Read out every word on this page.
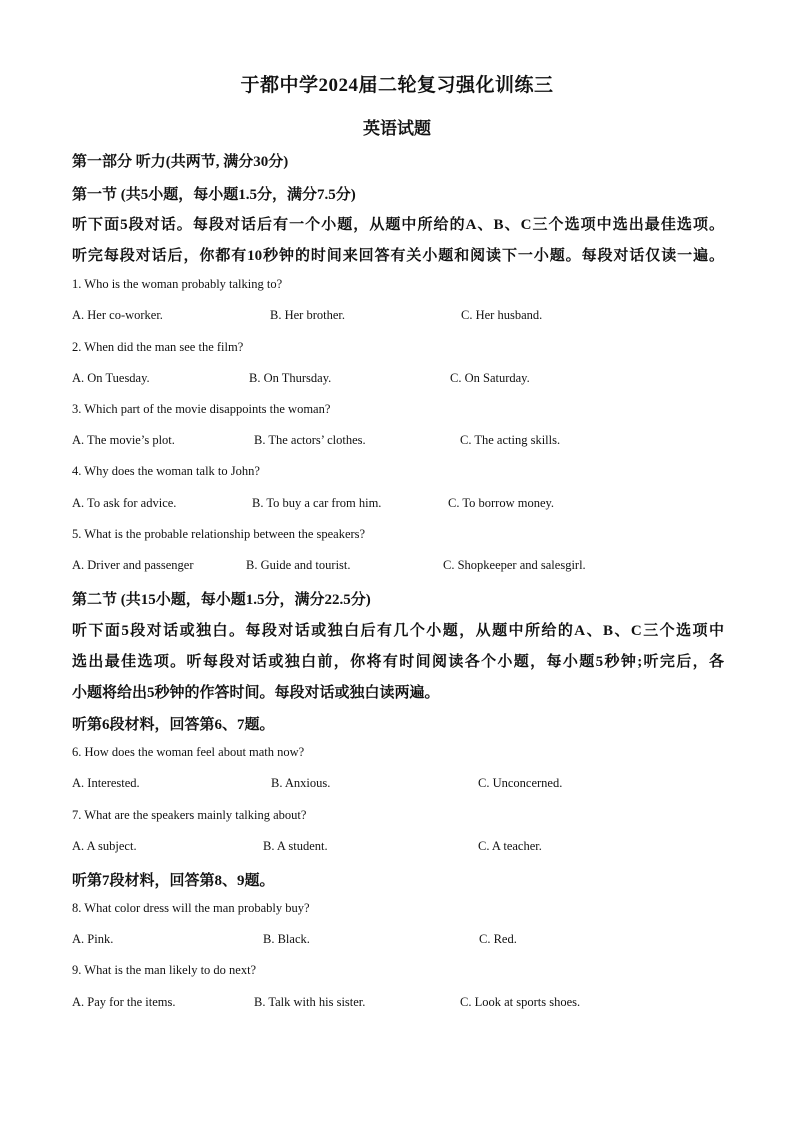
于都中学2024届二轮复习强化训练三
英语试题
第一部分 听力(共两节, 满分30分)
第一节 (共5小题，每小题1.5分，满分7.5分)
听下面5段对话。每段对话后有一个小题，从题中所给的A、B、C三个选项中选出最佳选项。
听完每段对话后，你都有10秒钟的时间来回答有关小题和阅读下一小题。每段对话仅读一遍。
1. Who is the woman probably talking to?
A. Her co-worker.	B. Her brother.	C. Her husband.
2. When did the man see the film?
A. On Tuesday.	B. On Thursday.	C. On Saturday.
3. Which part of the movie disappoints the woman?
A. The movie’s plot.	B. The actors’ clothes.	C. The acting skills.
4. Why does the woman talk to John?
A. To ask for advice.	B. To buy a car from him.	C. To borrow money.
5. What is the probable relationship between the speakers?
A. Driver and passenger	B. Guide and tourist.	C. Shopkeeper and salesgirl.
第二节 (共15小题，每小题1.5分，满分22.5分)
听下面5段对话或独白。每段对话或独白后有几个小题，从题中所给的A、B、C三个选项中
选出最佳选项。听每段对话或独白前，你将有时间阅读各个小题，每小题5秒钟;听完后，各
小题将给出5秒钟的作答时间。每段对话或独白读两遍。
听第6段材料，回答第6、7题。
6. How does the woman feel about math now?
A. Interested.	B. Anxious.	C. Unconcerned.
7. What are the speakers mainly talking about?
A. A subject.	B. A student.	C. A teacher.
听第7段材料，回答第8、9题。
8. What color dress will the man probably buy?
A. Pink.	B. Black.	C. Red.
9. What is the man likely to do next?
A. Pay for the items.	B. Talk with his sister.	C. Look at sports shoes.
